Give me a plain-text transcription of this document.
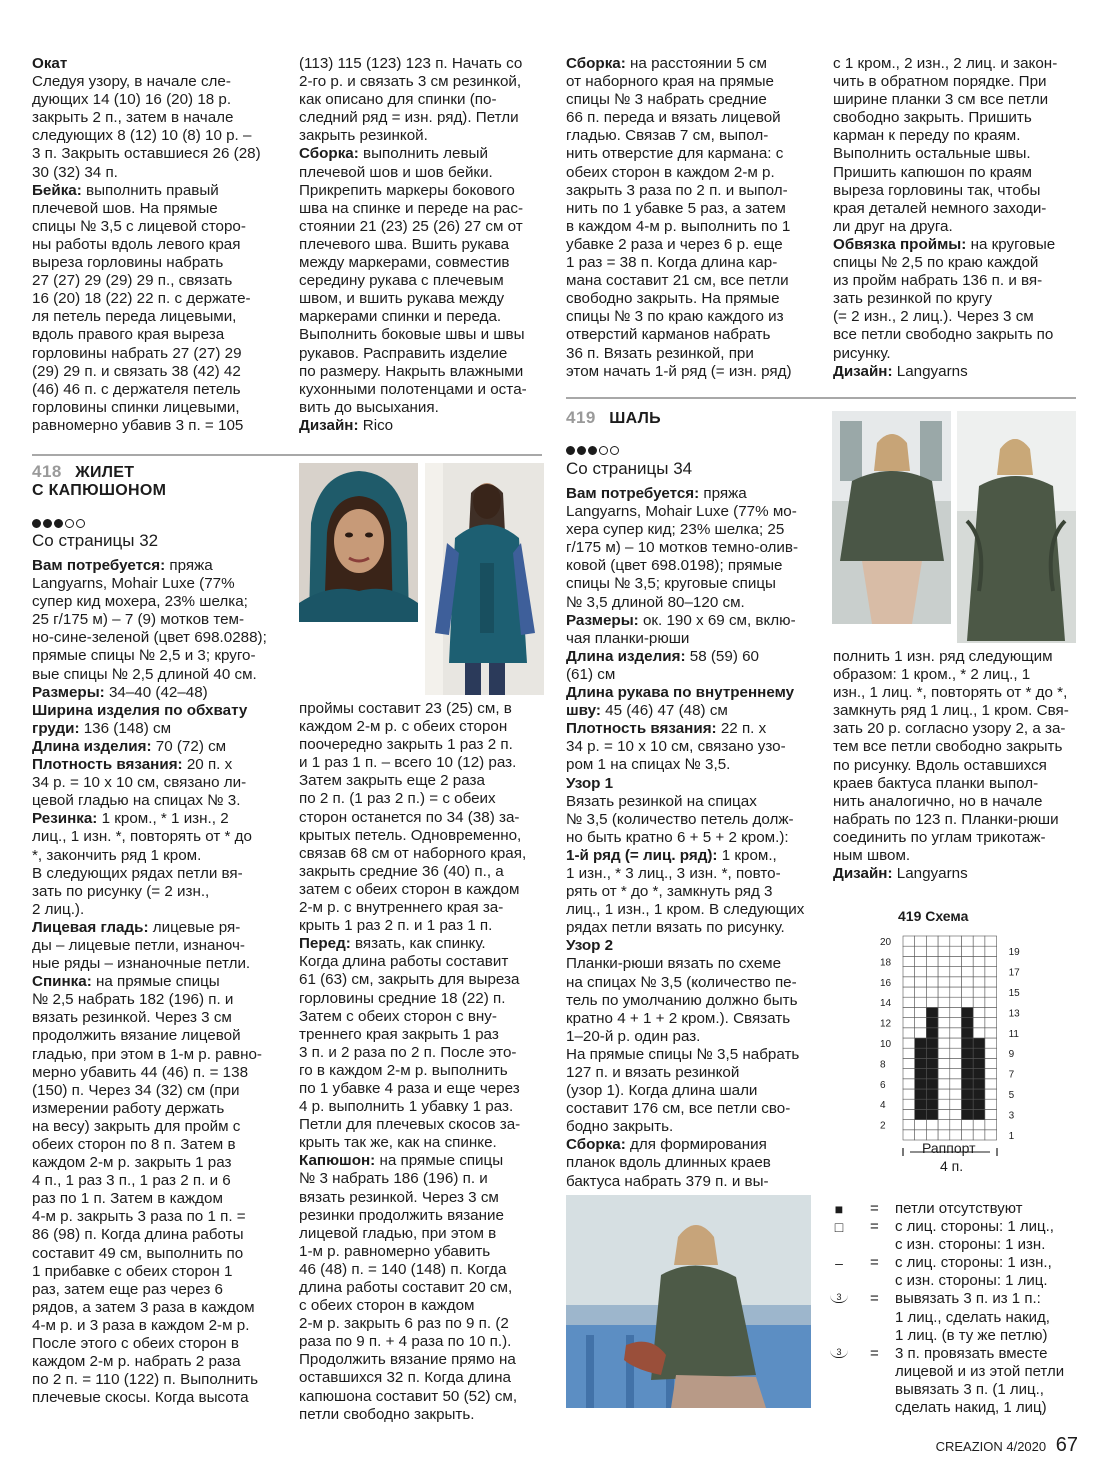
Окат

Следуя узору, в начале сле-

дующих 14 (10) 16 (20) 18 р.

закрыть 2 п., затем в начале

следующих 8 (12) 10 (8) 10 р. –

3 п. Закрыть оставшиеся 26 (28)

30 (32) 34 п.

Бейка: выполнить правый

плечевой шов. На прямые

спицы № 3,5 с лицевой сторо-

ны работы вдоль левого края

выреза горловины набрать

27 (27) 29 (29) 29 п., связать

16 (20) 18 (22) 22 п. с держате-

ля петель переда лицевыми,

вдоль правого края выреза

горловины набрать 27 (27) 29

(29) 29 п. и связать 38 (42) 42

(46) 46 п. с держателя петель

горловины спинки лицевыми,

равномерно убавив 3 п. = 105

(113) 115 (123) 123 п. Начать со

2-го р. и связать 3 см резинкой,

как описано для спинки (по-

следний ряд = изн. ряд). Петли

закрыть резинкой.

Сборка: выполнить левый

плечевой шов и шов бейки.

Прикрепить маркеры бокового

шва на спинке и переде на рас-

стоянии 21 (23) 25 (26) 27 см от

плечевого шва. Вшить рукава

между маркерами, совместив

середину рукава с плечевым

швом, и вшить рукава между

маркерами спинки и переда.

Выполнить боковые швы и швы

рукавов. Расправить изделие

по размеру. Накрыть влажными

кухонными полотенцами и остa-

вить до высыхания.

Дизайн: Rico

Сборка: на расстоянии 5 см

от наборного края на прямые

спицы № 3 набрать средние

66 п. переда и вязать лицевой

гладью. Связав 7 см, выпол-

нить отверстие для кармана: с

обеих сторон в каждом 2-м р.

закрыть 3 раза по 2 п. и выпол-

нить по 1 убавке 5 раз, а затем

в каждом 4-м р. выполнить по 1

убавке 2 раза и через 6 р. еще

1 раз = 38 п. Когда длина кар-

мана составит 21 см, все петли

свободно закрыть. На прямые

спицы № 3 по краю каждого из

отверстий карманов набрать

36 п. Вязать резинкой, при

этом начать 1-й ряд (= изн. ряд)

с 1 кром., 2 изн., 2 лиц. и закон-

чить в обратном порядке. При

ширине планки 3 см все петли

свободно закрыть. Пришить

карман к переду по краям.

Выполнить остальные швы.

Пришить капюшон по краям

выреза горловины так, чтобы

края деталей немного заходи-

ли друг на друга.

Обвязка проймы: на круговые

спицы № 2,5 по краю каждой

из пройм набрать 136 п. и вя-

зать резинкой по кругу

(= 2 изн., 2 лиц.). Через 3 см

все петли свободно закрыть по

рисунку.

Дизайн: Langyarns

418 ЖИЛЕТ
С КАПЮШОНОМ
Со страницы 32

Вам потребуется: пряжа

Langyarns, Mohair Luxe (77%

супер кид мохера, 23% шелка;

25 г/175 м) – 7 (9) мотков тем-

но-сине-зеленой (цвет 698.0288);

прямые спицы № 2,5 и 3; круго-

вые спицы № 2,5 длиной 40 см.

Размеры: 34–40 (42–48)

Ширина изделия по обхвату

груди: 136 (148) см

Длина изделия: 70 (72) см

Плотность вязания: 20 п. х

34 р. = 10 х 10 см, связано ли-

цевой гладью на спицах № 3.

Резинка: 1 кром., * 1 изн., 2

лиц., 1 изн. *, повторять от * до

*, закончить ряд 1 кром.

В следующих рядах петли вя-

зать по рисунку (= 2 изн.,

2 лиц.).

Лицевая гладь: лицевые ря-

ды – лицевые петли, изнаноч-

ные ряды – изнаночные петли.

Спинка: на прямые спицы

№ 2,5 набрать 182 (196) п. и

вязать резинкой. Через 3 см

продолжить вязание лицевой

гладью, при этом в 1-м р. равно-

мерно убавить 44 (46) п. = 138

(150) п. Через 34 (32) см (при

измерении работу держать

на весу) закрыть для пройм с

обеих сторон по 8 п. Затем в

каждом 2-м р. закрыть 1 раз

4 п., 1 раз 3 п., 1 раз 2 п. и 6

раз по 1 п. Затем в каждом

4-м р. закрыть 3 раза по 1 п. =

86 (98) п. Когда длина работы

составит 49 см, выполнить по

1 прибавке с обеих сторон 1

раз, затем еще раз через 6

рядов, а затем 3 раза в каждом

4-м р. и 3 раза в каждом 2-м р.

После этого с обеих сторон в

каждом 2-м р. набрать 2 раза

по 2 п. = 110 (122) п. Выполнить

плечевые скосы. Когда высота

проймы составит 23 (25) см, в

каждом 2-м р. с обеих сторон

поочередно закрыть 1 раз 2 п.

и 1 раз 1 п. – всего 10 (12) раз.

Затем закрыть еще 2 раза

по 2 п. (1 раз 2 п.) = с обеих

сторон останется по 34 (38) за-

крытых петель. Одновременно,

связав 68 см от наборного края,

закрыть средние 36 (40) п., а

затем с обеих сторон в каждом

2-м р. с внутреннего края за-

крыть 1 раз 2 п. и 1 раз 1 п.

Перед: вязать, как спинку.

Когда длина работы составит

61 (63) см, закрыть для выреза

горловины средние 18 (22) п.

Затем с обеих сторон с вну-

треннего края закрыть 1 раз

3 п. и 2 раза по 2 п. После это-

го в каждом 2-м р. выполнить

по 1 убавке 4 раза и еще через

4 р. выполнить 1 убавку 1 раз.

Петли для плечевых скосов за-

крыть так же, как на спинке.

Капюшон: на прямые спицы

№ 3 набрать 186 (196) п. и

вязать резинкой. Через 3 см

резинки продолжить вязание

лицевой гладью, при этом в

1-м р. равномерно убавить

46 (48) п. = 140 (148) п. Когда

длина работы составит 20 см,

с обеих сторон в каждом

2-м р. закрыть 6 раз по 9 п. (2

раза по 9 п. + 4 раза по 10 п.).

Продолжить вязание прямо на

оставшихся 32 п. Когда длина

капюшона составит 50 (52) см,

петли свободно закрыть.

419 ШАЛЬ
Со страницы 34

Вам потребуется: пряжа

Langyarns, Mohair Luxe (77% мо-

хера супер кид; 23% шелка; 25

г/175 м) – 10 мотков темно-олив-

ковой (цвет 698.0198); прямые

спицы № 3,5; круговые спицы

№ 3,5 длиной 80–120 см.

Размеры: ок. 190 х 69 см, вклю-

чая планки-рюши

Длина изделия: 58 (59) 60

(61) см

Длина рукава по внутреннему

шву: 45 (46) 47 (48) см

Плотность вязания: 22 п. х

34 р. = 10 х 10 см, связано узо-

ром 1 на спицах № 3,5.

Узор 1

Вязать резинкой на спицах

№ 3,5 (количество петель долж-

но быть кратно 6 + 5 + 2 кром.):

1-й ряд (= лиц. ряд): 1 кром.,

1 изн., * 3 лиц., 3 изн. *, повто-

рять от * до *, замкнуть ряд 3

лиц., 1 изн., 1 кром. В следующих

рядах петли вязать по рисунку.

Узор 2

Планки-рюши вязать по схеме

на спицах № 3,5 (количество пе-

тель по умолчанию должно быть

кратно 4 + 1 + 2 кром.). Связать

1–20-й р. один раз.

На прямые спицы № 3,5 набрать

127 п. и вязать резинкой

(узор 1). Когда длина шали

составит 176 см, все петли сво-

бодно закрыть.

Сборка: для формирования

планок вдоль длинных краев

бактуса набрать 379 п. и вы-

полнить 1 изн. ряд следующим

образом: 1 кром., * 2 лиц., 1

изн., 1 лиц. *, повторять от * до *,

замкнуть ряд 1 лиц., 1 кром. Свя-

зать 20 р. согласно узору 2, а за-

тем все петли свободно закрыть

по рисунку. Вдоль оставшихся

краев бактуса планки выпол-

нить аналогично, но в начале

набрать по 123 п. Планки-рюши

соединить по углам трикотаж-

ным швом.

Дизайн: Langyarns

419 Схема
20
18
16
14
12
10
8
6
4
2
19
17
15
13
11
9
7
5
3
1
Раппорт
4 п.
■	= петли отсутствуют
□	= с лиц. стороны: 1 лиц.,
с изн. стороны: 1 изн.
–	= с лиц. стороны: 1 изн.,
с изн. стороны: 1 лиц.
3	= вывязать 3 п. из 1 п.:
1 лиц., сделать накид,
1 лиц. (в ту же петлю)
3	= 3 п. провязать вместе
лицевой и из этой петли
вывязать 3 п. (1 лиц.,
сделать накид, 1 лиц)
CREAZION 4/2020 67
